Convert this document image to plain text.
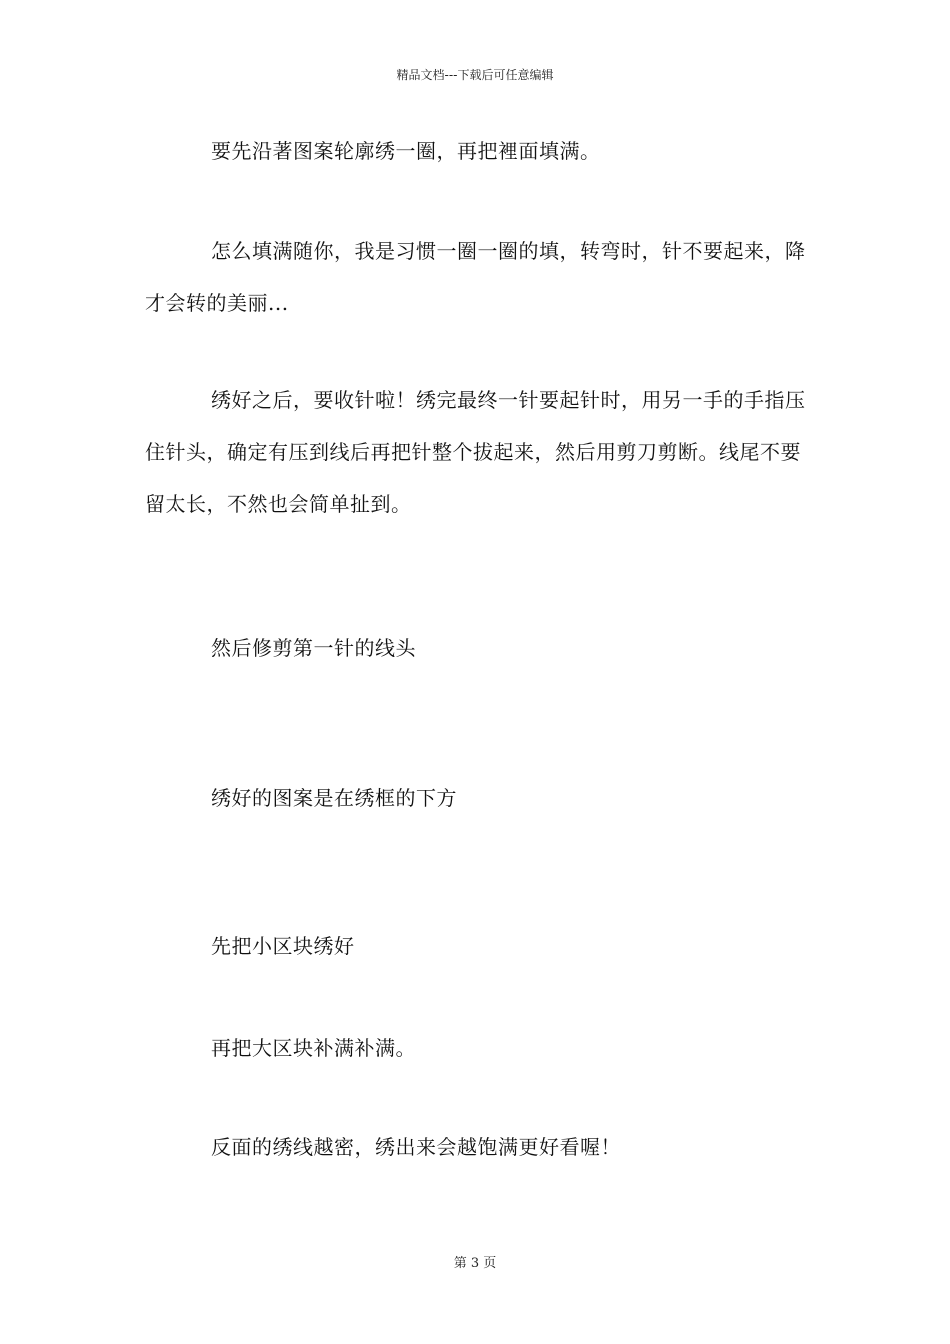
精品文档---下载后可任意编辑

要先沿著图案轮廓绣一圈，再把裡面填满。

怎么填满随你，我是习惯一圈一圈的填，转弯时，针不要起来，降才会转的美丽...

绣好之后，要收针啦！绣完最终一针要起针时，用另一手的手指压住针头，确定有压到线后再把针整个拔起来，然后用剪刀剪断。线尾不要留太长，不然也会简单扯到。

然后修剪第一针的线头

绣好的图案是在绣框的下方

先把小区块绣好

再把大区块补满补满。

反面的绣线越密，绣出来会越饱满更好看喔！

第 3 页
